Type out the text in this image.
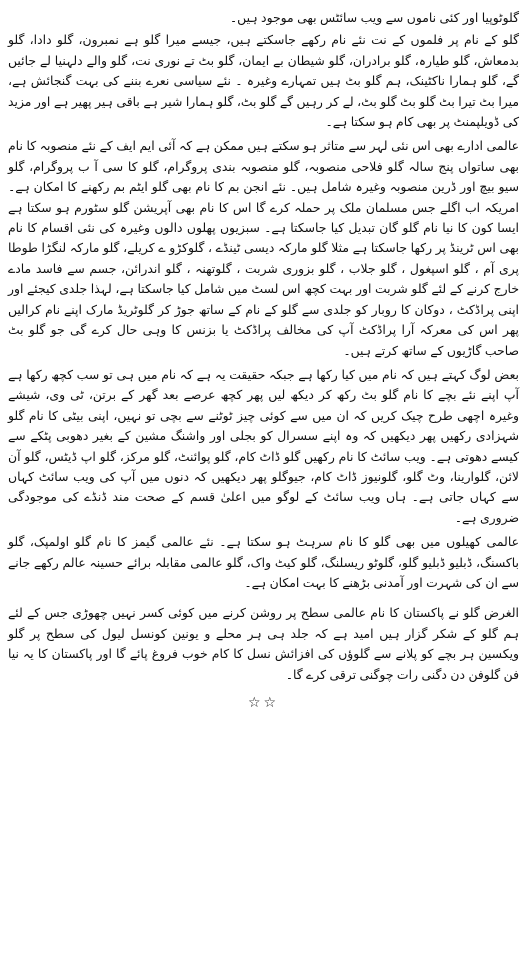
گلوٹوپیا اور کئی ناموں سے ویب سائٹس بھی موجود ہیں۔

گلو کے نام پر فلموں کے نت نئے نام رکھے جاسکتے ہیں، جیسے میرا گلو ہے نمبرون، گلو دادا، گلو بدمعاش، گلو طیارہ، گلو برادران، گلو شیطان بے ایمان، گلو بٹ تے نوری نت، گلو والے دلہنیا لے جائیں گے، گلو ہمارا ناکٹینک، ہم گلو بٹ ہیں تمہارے وغیرہ ۔ نئے سیاسی نعرے بننے کی بہت گنجائش ہے، میرا بٹ تیرا بٹ گلو بٹ گلو بٹ، لے کر رہیں گے گلو بٹ، گلو ہمارا شیر ہے باقی ہیر پھیر ہے اور مزید کی ڈویلپمنٹ پر بھی کام ہو سکتا ہے۔

عالمی ادارے بھی اس نئی لہر سے متاثر ہو سکتے ہیں ممکن ہے کہ آئی ایم ایف کے نئے منصوبہ کا نام بھی ساتواں پنج سالہ گلو فلاحی منصوبہ، گلو منصوبہ بندی پروگرام، گلو کا سی آ ب پروگرام، گلو سیو بیچ اور ڈرین منصوبہ وغیرہ شامل ہیں۔ نئے انجن بم کا نام بھی گلو ایٹم بم رکھنے کا امکان ہے۔ امریکہ اب اگلے جس مسلمان ملک پر حملہ کرے گا اس کا نام بھی آپریشن گلو سٹورم ہو سکتا ہے ایسا کون کا نیا نام گلو گان تبدیل کیا جاسکتا ہے۔ سبزیوں پھلوں دالوں وغیرہ کی نئی اقسام کا نام بھی اس ٹرینڈ پر رکھا جاسکتا ہے مثلا گلو مارکہ دیسی ٹینڈے ، گلوکڑو ے کریلے، گلو مارکہ لنگڑا طوطا پری آم ، گلو اسپغول ، گلو جلاب ، گلو بزوری شربت ، گلوتھنہ ، گلو اندرائن، جسم سے فاسد مادے خارج کرنے کے لئے گلو شربت اور بہت کچھ اس لسٹ میں شامل کیا جاسکتا ہے، لہذا جلدی کیجئے اور اپنی پراڈکٹ ، دوکان کا روبار کو جلدی سے گلو کے نام کے ساتھ جوڑ کر گلوٹریڈ مارک اپنے نام کرالیں پھر اس کی معرکہ آرا پراڈکٹ آپ کی مخالف پراڈکٹ یا بزنس کا وہی حال کرے گی جو گلو بٹ صاحب گاڑیوں کے ساتھ کرتے ہیں۔

بعض لوگ کہتے ہیں کہ نام میں کیا رکھا ہے جبکہ حقیقت یہ ہے کہ نام میں ہی تو سب کچھ رکھا ہے آپ اپنے نئے بچے کا نام گلو بٹ رکھ کر دیکھ لیں پھر کچھ عرصے بعد گھر کے برتن، ٹی وی، شیشے وغیرہ اچھی طرح چیک کریں کہ ان میں سے کوئی چیز ٹوٹنے سے بچی تو نہیں، اپنی بیٹی کا نام گلو شہزادی رکھیں پھر دیکھیں کہ وہ اپنے سسرال کو بجلی اور واشنگ مشین کے بغیر دھوبی پٹکے سے کیسے دھوتی ہے۔ ویب سائٹ کا نام رکھیں گلو ڈاٹ کام، گلو پوائنٹ، گلو مرکز، گلو اپ ڈیٹس، گلو آن لائن، گلوارینا، وٹ گلو، گلونیوز ڈاٹ کام، جیوگلو پھر دیکھیں کہ دنوں میں آپ کی ویب سائٹ کہاں سے کہاں جاتی ہے۔ ہاں ویب سائٹ کے لوگو میں اعلیٰ قسم کے صحت مند ڈنڈے کی موجودگی ضروری ہے۔

عالمی کھیلوں میں بھی گلو کا نام سرہٹ ہو سکتا ہے۔ نئے عالمی گیمز کا نام گلو اولمپک، گلو باکسنگ، ڈبلیو ڈبلیو گلو، گلوٹو ریسلنگ، گلو کیٹ واک، گلو عالمی مقابلہ برائے حسینہ عالم رکھے جانے سے ان کی شہرت اور آمدنی بڑھنے کا بہت امکان ہے۔

الغرض گلو نے پاکستان کا نام عالمی سطح پر روشن کرنے میں کوئی کسر نہیں چھوڑی جس کے لئے ہم گلو کے شکر گزار ہیں امید ہے کہ جلد ہی ہر محلے و یونین کونسل لیول کی سطح پر گلو ویکسین ہر بچے کو پلانے سے گلوؤں کی افزائش نسل کا کام خوب فروغ پائے گا اور پاکستان کا یہ نیا فن گلوفن دن دگنی رات چوگنی ترقی کرے گا۔

☆☆
